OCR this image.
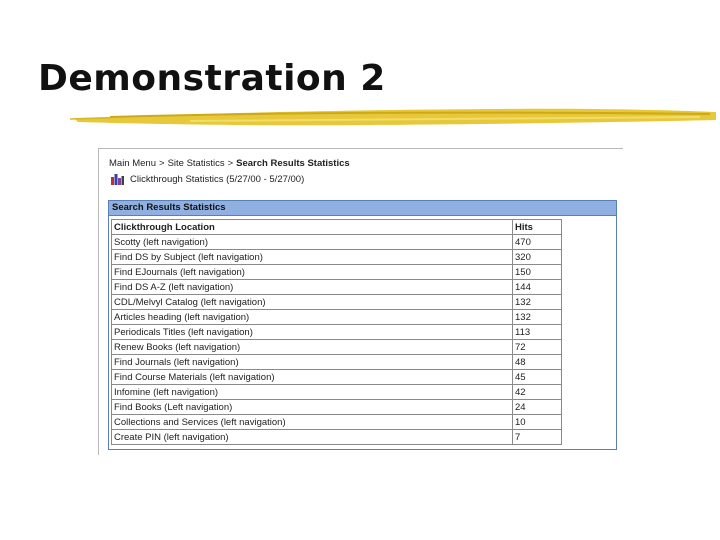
Demonstration 2
Main Menu > Site Statistics > Search Results Statistics
Clickthrough Statistics (5/27/00 - 5/27/00)
Search Results Statistics
Clickthrough Location	Hits
Scotty (left navigation)	470
Find DS by Subject (left navigation)	320
Find EJournals (left navigation)	150
Find DS A-Z (left navigation)	144
CDL/Melvyl Catalog (left navigation)	132
Articles heading (left navigation)	132
Periodicals Titles (left navigation)	113
Renew Books (left navigation)	72
Find Journals (left navigation)	48
Find Course Materials (left navigation)	45
Infomine (left navigation)	42
Find Books (Left navigation)	24
Collections and Services (left navigation)	10
Create PIN (left navigation)	7
